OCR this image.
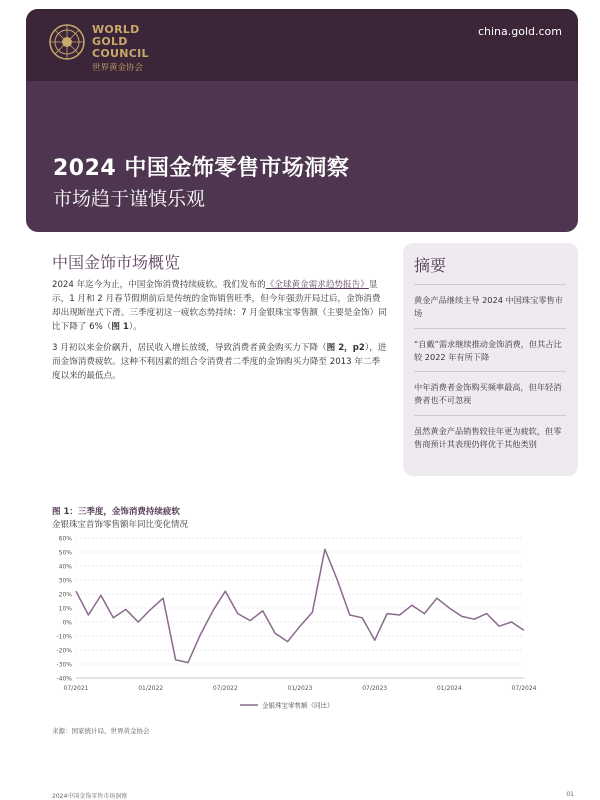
WORLD
GOLD
COUNCIL
世界黄金协会
china.gold.com
2024 中国金饰零售市场洞察
市场趋于谨慎乐观
中国金饰市场概览

2024 年迄今为止，中国金饰消费持续疲软。我们发布的《全球黄金需求趋势报告》显示，1 月和 2 月春节假期前后是传统的金饰销售旺季，但今年强劲开局过后，金饰消费却出现断崖式下滑。三季度初这一疲软态势持续：7 月金银珠宝零售额（主要是金饰）同比下降了 6%（图 1）。

3 月初以来金价飙升，居民收入增长放缓，导致消费者黄金购买力下降（图 2，p2），进而金饰消费疲软。这种不利因素的组合令消费者二季度的金饰购买力降至 2013 年二季度以来的最低点。

摘要
黄金产品继续主导 2024 中国珠宝零售市场
“自戴”需求继续推动金饰消费，但其占比较 2022 年有所下降
中年消费者金饰购买频率最高，但年轻消费者也不可忽视
虽然黄金产品销售较往年更为疲软，但零售商预计其表现仍将优于其他类别
图 1：三季度，金饰消费持续疲软
金银珠宝首饰零售额年同比变化情况
-40%
-30%
-20%
-10%
0%
10%
20%
30%
40%
50%
60%
07/2021	01/2022	07/2022	01/2023	07/2023	01/2024	07/2024
金银珠宝零售额（同比）
来源：国家统计局、世界黄金协会
2024中国金饰零售市场洞察	01
